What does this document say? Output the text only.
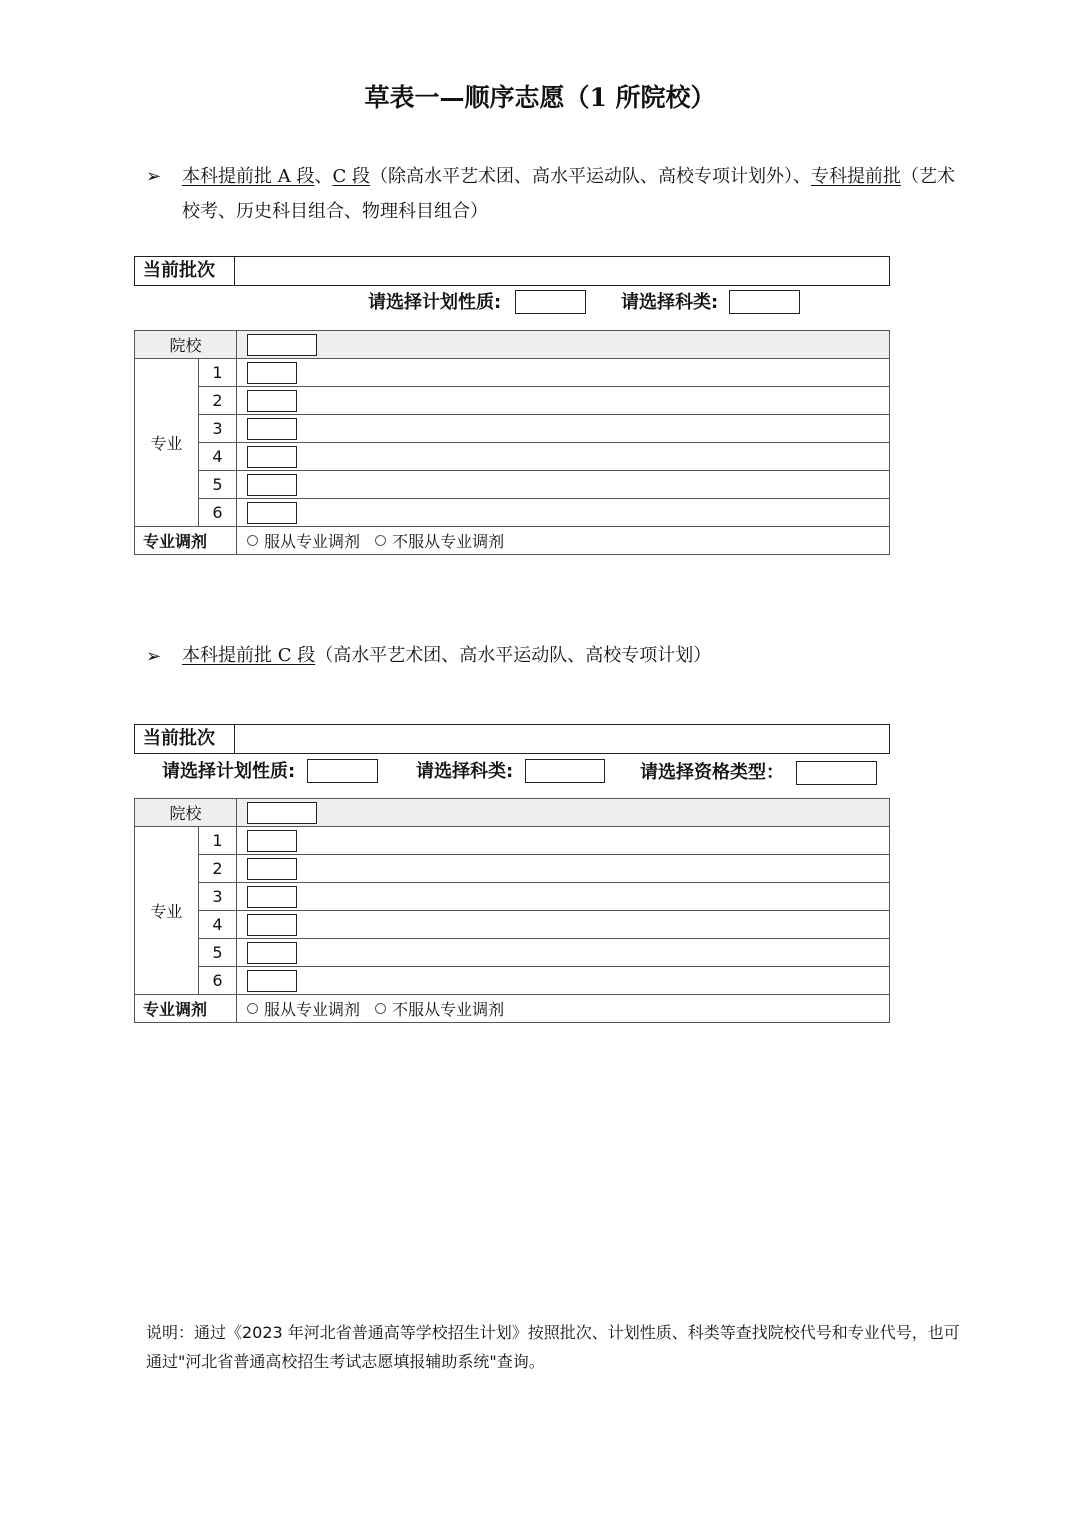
草表一—顺序志愿（1 所院校）
➢ 本科提前批 A 段、C 段（除高水平艺术团、高水平运动队、高校专项计划外）、专科提前批（艺术校考、历史科目组合、物理科目组合）
当前批次
请选择计划性质:	请选择科类:
院校		
专业	1	
	2	
	3	
	4	
	5	
	6	
专业调剂		服从专业调剂 不服从专业调剂
➢ 本科提前批 C 段（高水平艺术团、高水平运动队、高校专项计划）
当前批次
请选择计划性质:	请选择科类:	请选择资格类型：
院校		
专业	1	
	2	
	3	
	4	
	5	
	6	
专业调剂		服从专业调剂 不服从专业调剂
说明：通过《2023 年河北省普通高等学校招生计划》按照批次、计划性质、科类等查找院校代号和专业代号，也可通过"河北省普通高校招生考试志愿填报辅助系统"查询。
